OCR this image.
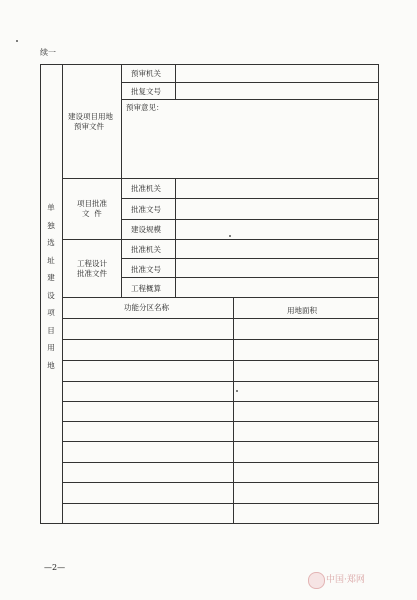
续一
单
独
选
址
建
设
项
目
用
地
建设项目用地
预审文件
预审机关
批复文号
预审意见：
项目批准
文  件
批准机关
批准文号
建设规模
工程设计
批准文件
批准机关
批准文号
工程概算
功能分区名称	用地面积
—2—
中国·郑网
